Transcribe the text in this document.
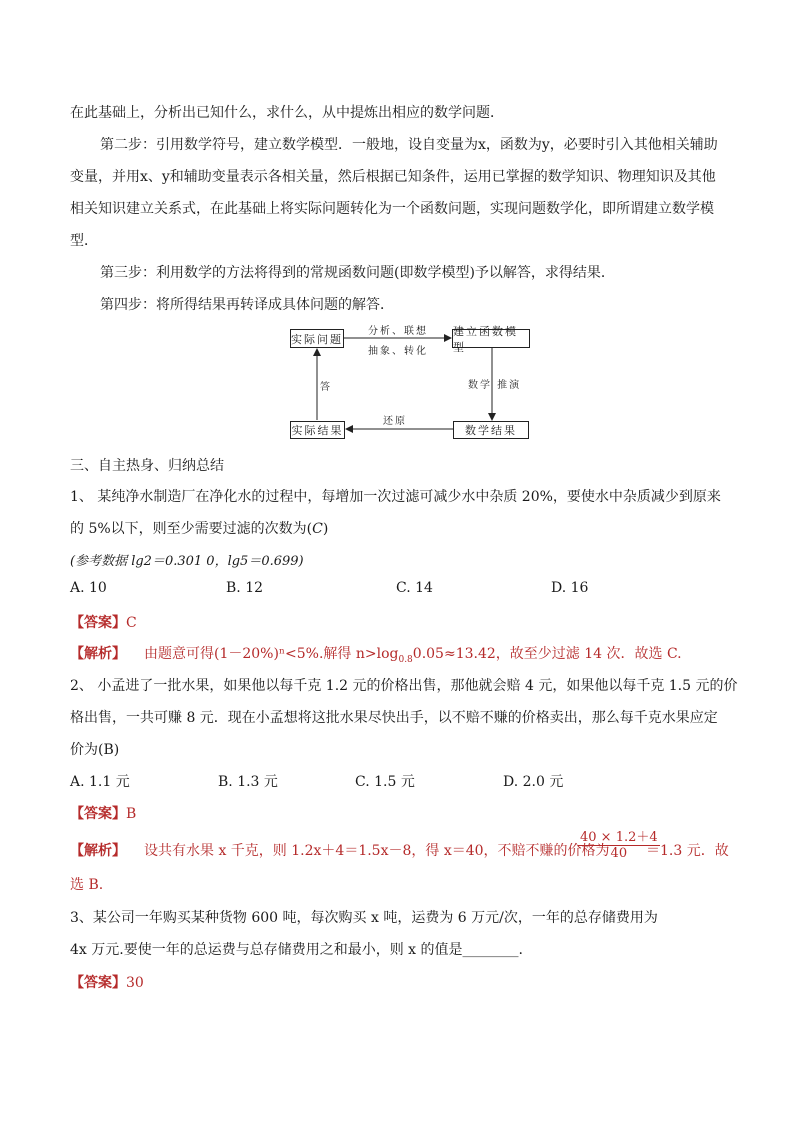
在此基础上，分析出已知什么，求什么，从中提炼出相应的数学问题．
第二步：引用数学符号，建立数学模型．一般地，设自变量为x，函数为y，必要时引入其他相关辅助
变量，并用x、y和辅助变量表示各相关量，然后根据已知条件，运用已掌握的数学知识、物理知识及其他
相关知识建立关系式，在此基础上将实际问题转化为一个函数问题，实现问题数学化，即所谓建立数学模
型．
第三步：利用数学的方法将得到的常规函数问题(即数学模型)予以解答，求得结果．
第四步：将所得结果再转译成具体问题的解答．
实际问题
建立函数模型
数学结果
实际结果
分析、联想
抽象、转化
数学 推演
还原
答
三、自主热身、归纳总结
1、 某纯净水制造厂在净化水的过程中，每增加一次过滤可减少水中杂质 20%，要使水中杂质减少到原来
的 5%以下，则至少需要过滤的次数为(C)
(参考数据 lg2＝0.301 0，lg5＝0.699)
A. 10	B. 12	C. 14	D. 16
【答案】C
【解析】 由题意可得(1－20%)ⁿ<5%.解得 $n>\log_{0.8}0.05\approx 13.42$，故至少过滤 14 次．故选 C.
2、 小孟进了一批水果，如果他以每千克 1.2 元的价格出售，那他就会赔 4 元，如果他以每千克 1.5 元的价
格出售，一共可赚 8 元．现在小孟想将这批水果尽快出手，以不赔不赚的价格卖出，那么每千克水果应定
价为(B)
A. 1.1 元	B. 1.3 元	C. 1.5 元	D. 2.0 元
【答案】B
【解析】 设共有水果 x 千克，则 1.2x＋4＝1.5x－8，得 x＝40，不赔不赚的价格为
$\frac{40 \times 1.2+4}{40}$
＝1.3 元．故
选 B.
3、某公司一年购买某种货物 600 吨，每次购买 x 吨，运费为 6 万元/次，一年的总存储费用为
4x 万元.要使一年的总运费与总存储费用之和最小，则 x 的值是________.
【答案】30
